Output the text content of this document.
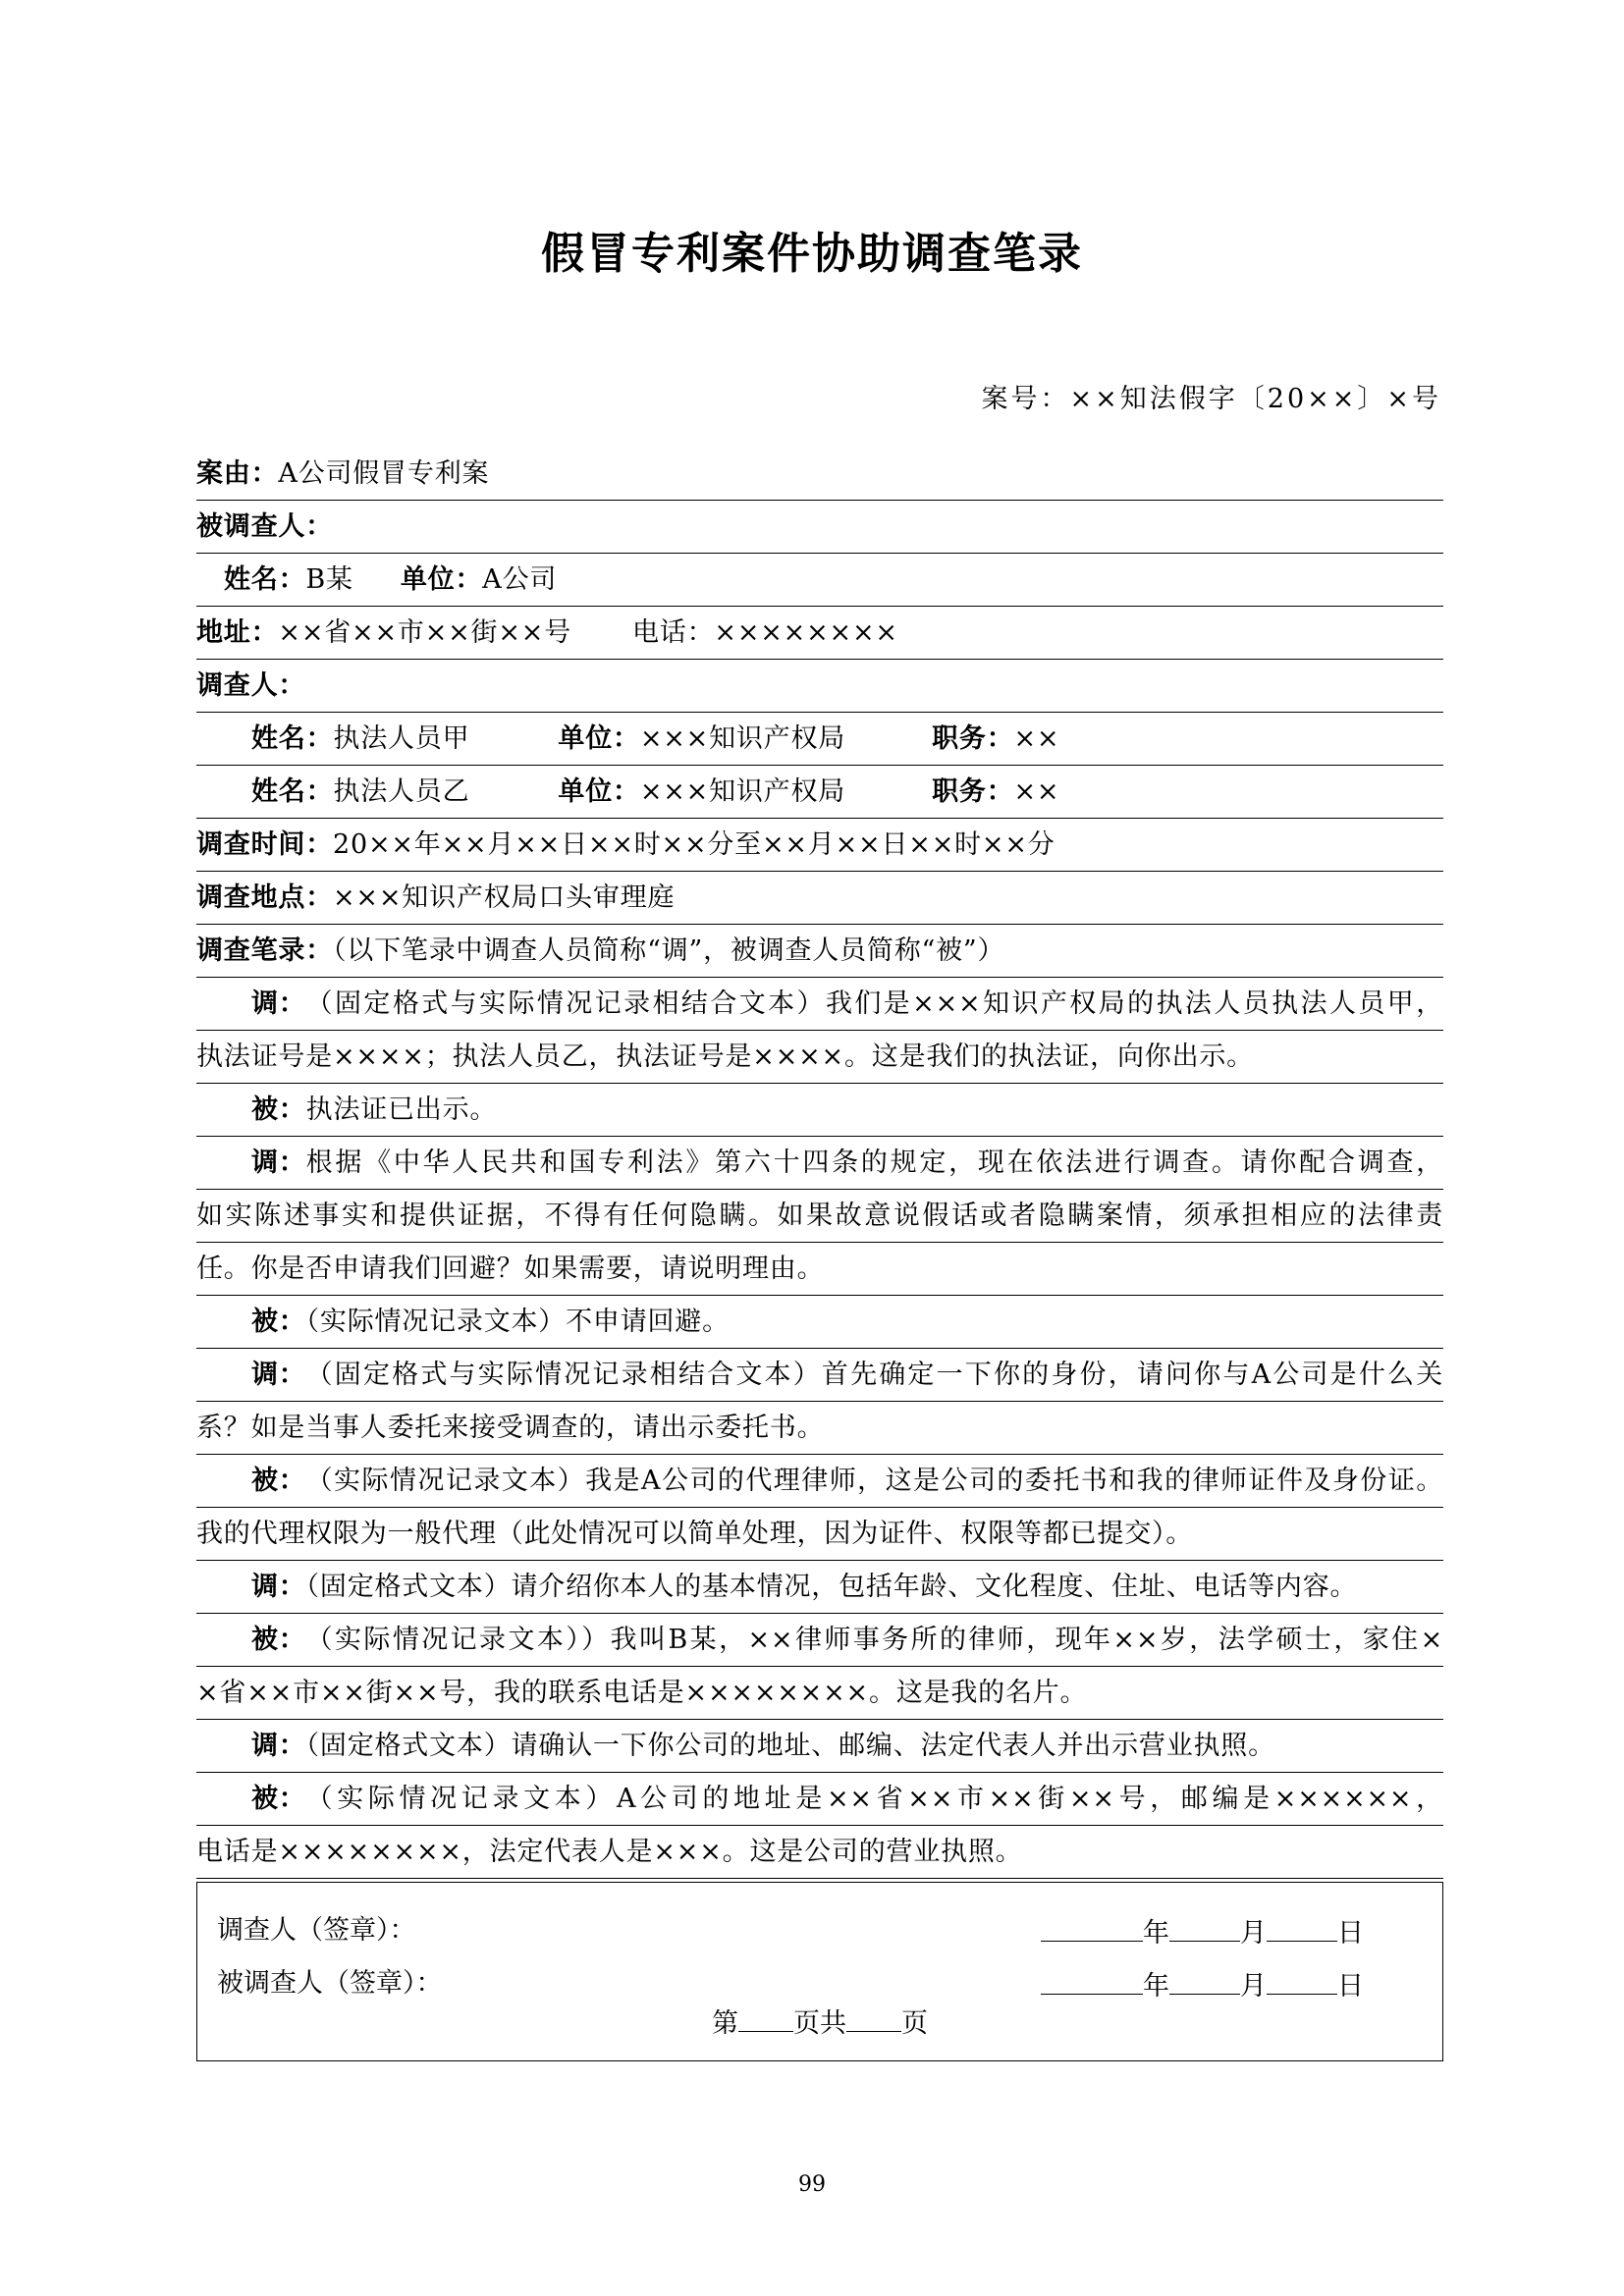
假冒专利案件协助调查笔录
案号：××知法假字〔20××〕×号
案由：A公司假冒专利案
被调查人：
姓名：B某 单位：A公司
地址：××省××市××街××号 电话：××××××××
调查人：
姓名：执法人员甲	单位：×××知识产权局	职务：××
姓名：执法人员乙	单位：×××知识产权局	职务：××
调查时间：20××年××月××日××时××分至××月××日××时××分
调查地点：×××知识产权局口头审理庭
调查笔录：（以下笔录中调查人员简称“调”，被调查人员简称“被”）
调： （固定格式与实际情况记录相结合文本）我们是×××知识产权局的执法人员执法人员甲，
执法证号是××××；执法人员乙，执法证号是××××。这是我们的执法证，向你出示。
被：执法证已出示。
调： 根据《中华人民共和国专利法》第六十四条的规定，现在依法进行调查。请你配合调查，
如实陈述事实和提供证据，不得有任何隐瞒。如果故意说假话或者隐瞒案情，须承担相应的法律责
任。你是否申请我们回避？如果需要，请说明理由。
被：（实际情况记录文本）不申请回避。
调： （固定格式与实际情况记录相结合文本）首先确定一下你的身份，请问你与A公司是什么关
系？如是当事人委托来接受调查的，请出示委托书。
被： （实际情况记录文本）我是A公司的代理律师，这是公司的委托书和我的律师证件及身份证。
我的代理权限为一般代理（此处情况可以简单处理，因为证件、权限等都已提交）。
调：（固定格式文本）请介绍你本人的基本情况，包括年龄、文化程度、住址、电话等内容。
被： （实际情况记录文本））我叫B某，××律师事务所的律师，现年××岁，法学硕士，家住×
×省××市××街××号，我的联系电话是××××××××。这是我的名片。
调：（固定格式文本）请确认一下你公司的地址、邮编、法定代表人并出示营业执照。
被： （实际情况记录文本）A公司的地址是××省××市××街××号，邮编是××××××，
电话是××××××××，法定代表人是×××。这是公司的营业执照。
调查人（签章）：	年	月	日
被调查人（签章）：	年	月	日
第 页共 页
99
